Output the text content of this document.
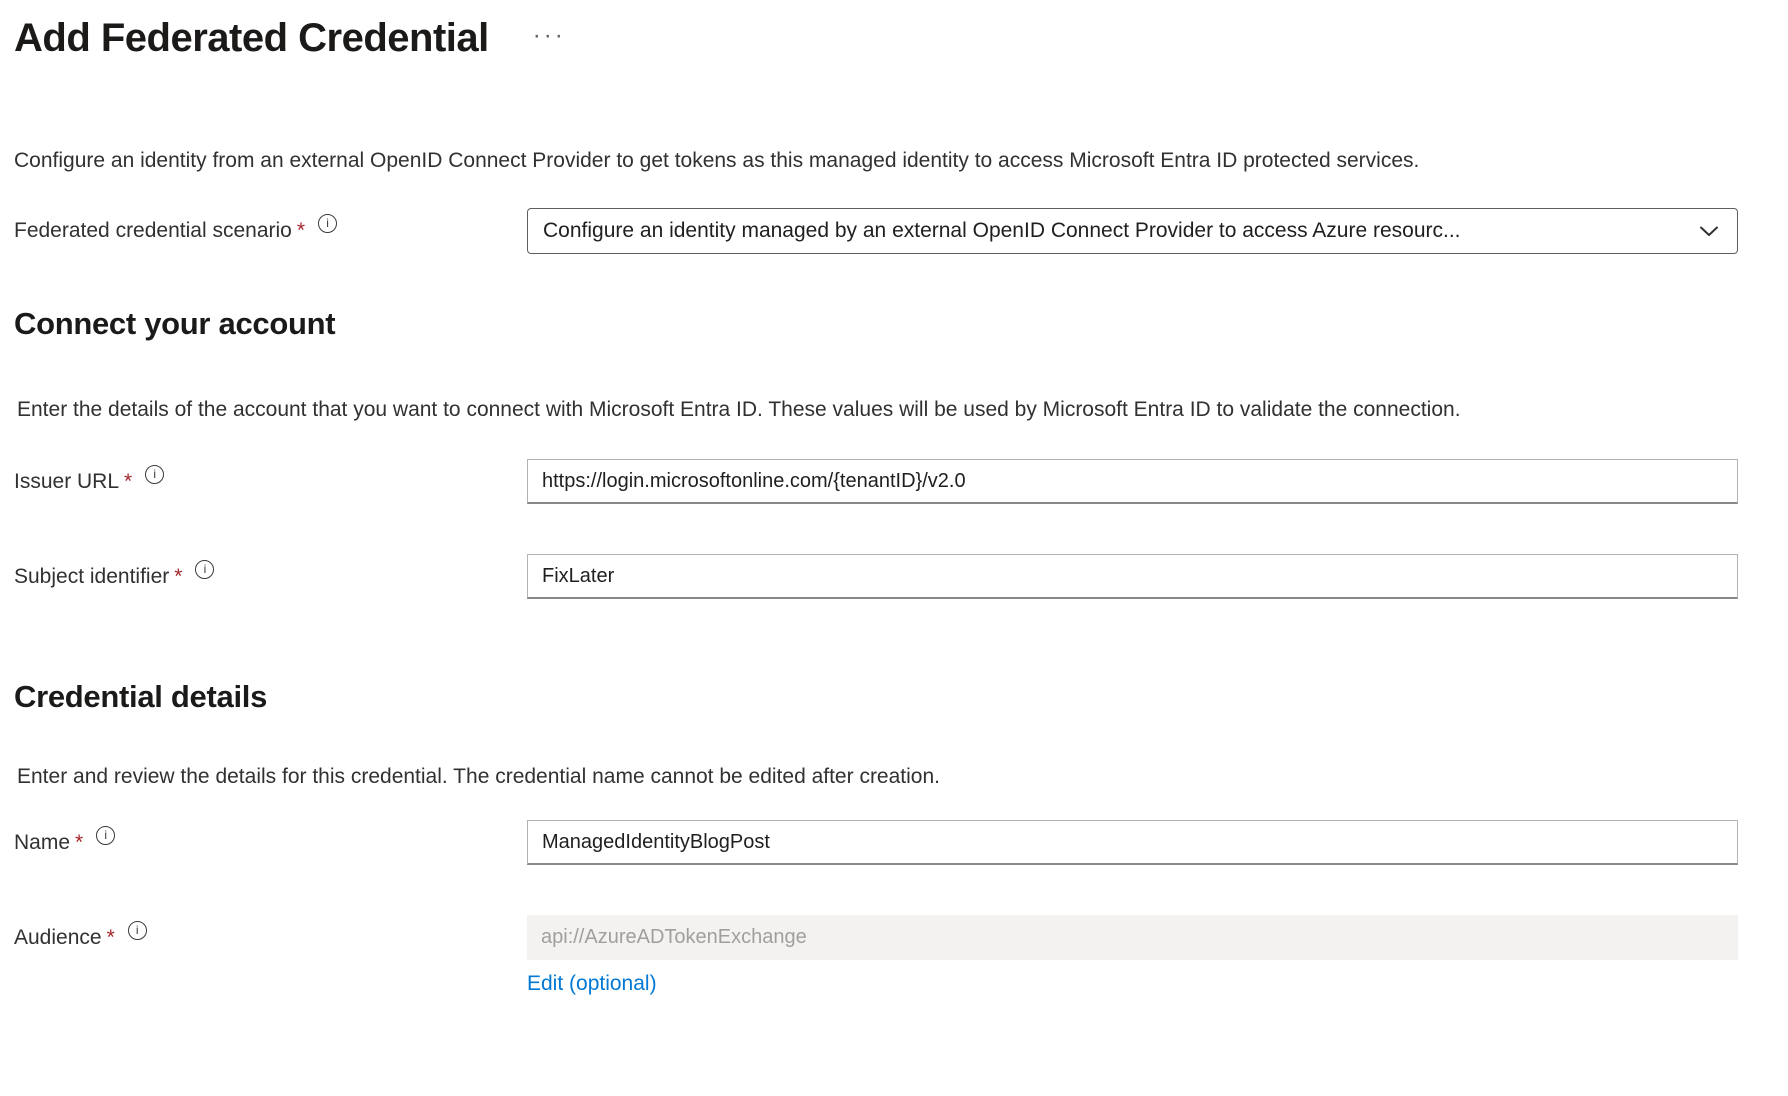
Add Federated Credential ···

Configure an identity from an external OpenID Connect Provider to get tokens as this managed identity to access Microsoft Entra ID protected services.

Federated credential scenario * i	Configure an identity managed by an external OpenID Connect Provider to access Azure resourc...
Connect your account

Enter the details of the account that you want to connect with Microsoft Entra ID. These values will be used by Microsoft Entra ID to validate the connection.

Issuer URL *i
https://login.microsoftonline.com/{tenantID}/v2.0
Subject identifier *i
FixLater
Credential details

Enter and review the details for this credential. The credential name cannot be edited after creation.

Name *i
ManagedIdentityBlogPost
Audience *i
api://AzureADTokenExchange Edit (optional)
